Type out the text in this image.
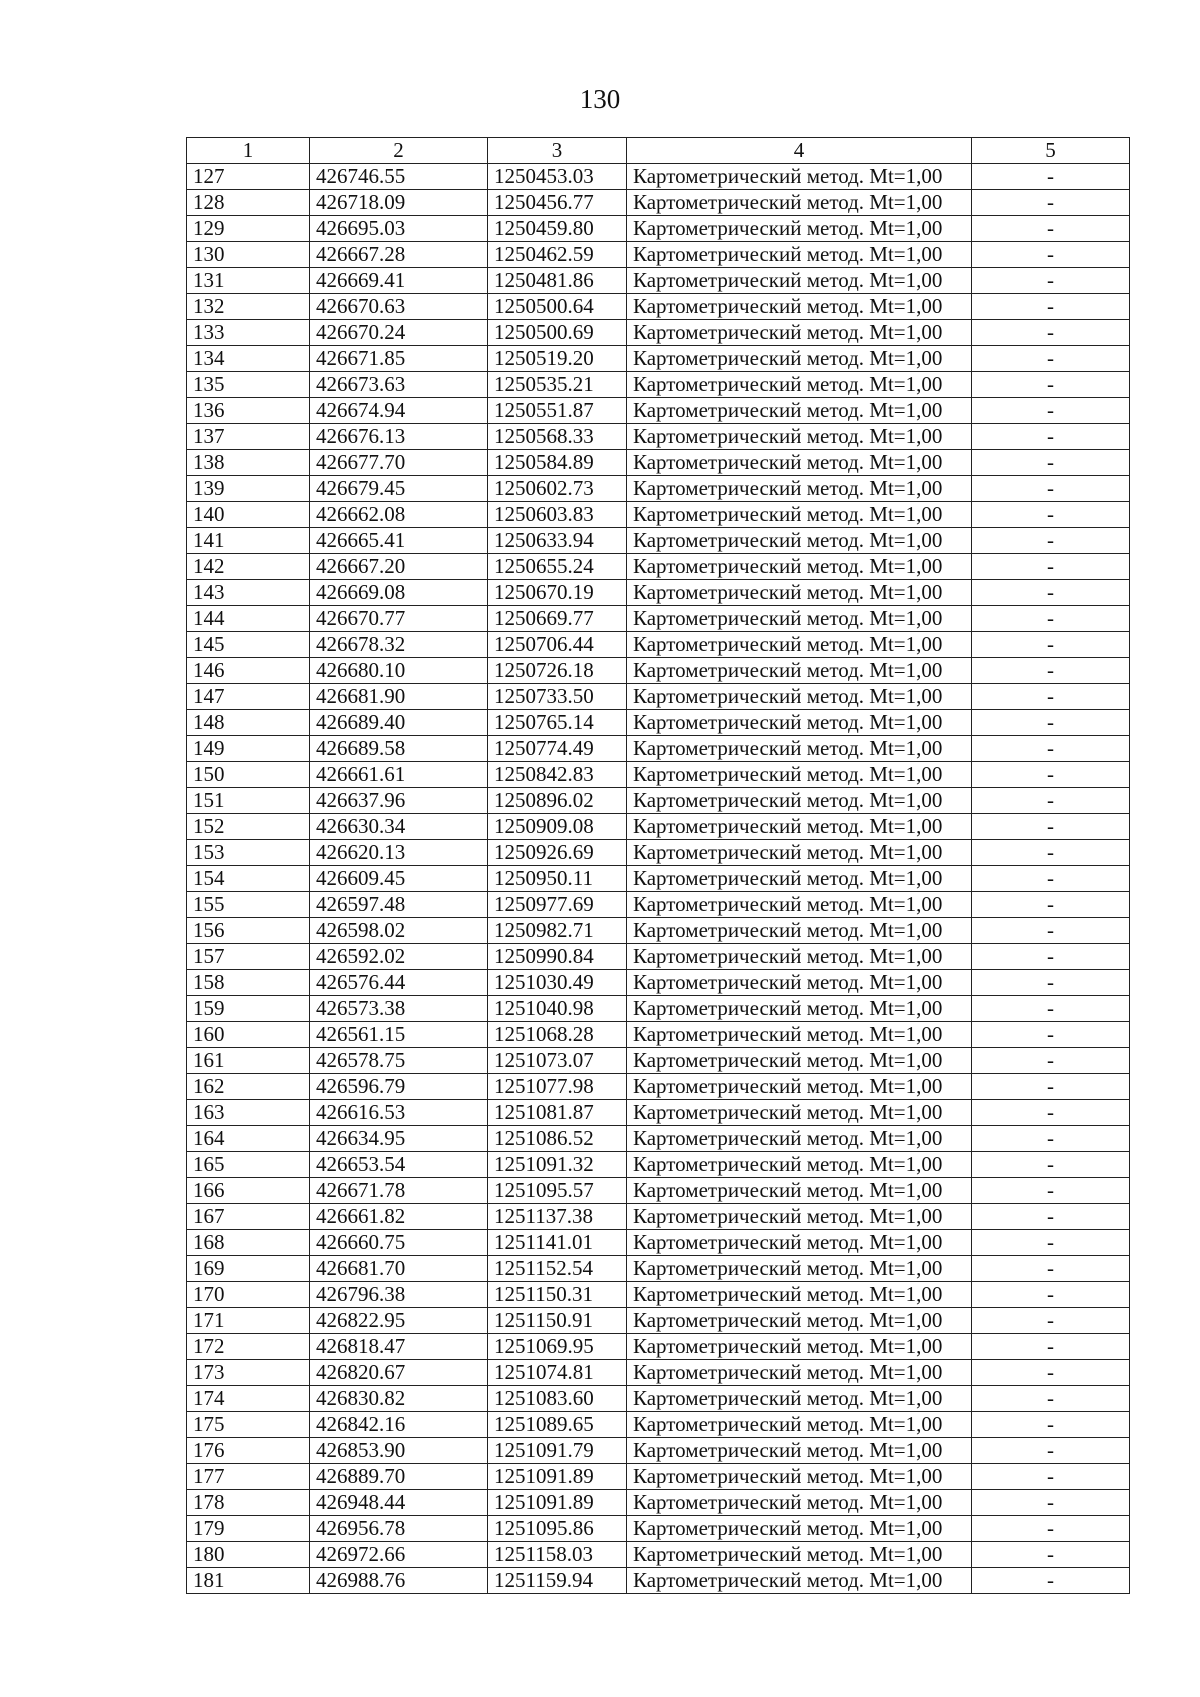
130
1	2	3	4	5
127	426746.55	1250453.03	Картометрический метод. Mt=1,00	-
128	426718.09	1250456.77	Картометрический метод. Mt=1,00	-
129	426695.03	1250459.80	Картометрический метод. Mt=1,00	-
130	426667.28	1250462.59	Картометрический метод. Mt=1,00	-
131	426669.41	1250481.86	Картометрический метод. Mt=1,00	-
132	426670.63	1250500.64	Картометрический метод. Mt=1,00	-
133	426670.24	1250500.69	Картометрический метод. Mt=1,00	-
134	426671.85	1250519.20	Картометрический метод. Mt=1,00	-
135	426673.63	1250535.21	Картометрический метод. Mt=1,00	-
136	426674.94	1250551.87	Картометрический метод. Mt=1,00	-
137	426676.13	1250568.33	Картометрический метод. Mt=1,00	-
138	426677.70	1250584.89	Картометрический метод. Mt=1,00	-
139	426679.45	1250602.73	Картометрический метод. Mt=1,00	-
140	426662.08	1250603.83	Картометрический метод. Mt=1,00	-
141	426665.41	1250633.94	Картометрический метод. Mt=1,00	-
142	426667.20	1250655.24	Картометрический метод. Mt=1,00	-
143	426669.08	1250670.19	Картометрический метод. Mt=1,00	-
144	426670.77	1250669.77	Картометрический метод. Mt=1,00	-
145	426678.32	1250706.44	Картометрический метод. Mt=1,00	-
146	426680.10	1250726.18	Картометрический метод. Mt=1,00	-
147	426681.90	1250733.50	Картометрический метод. Mt=1,00	-
148	426689.40	1250765.14	Картометрический метод. Mt=1,00	-
149	426689.58	1250774.49	Картометрический метод. Mt=1,00	-
150	426661.61	1250842.83	Картометрический метод. Mt=1,00	-
151	426637.96	1250896.02	Картометрический метод. Mt=1,00	-
152	426630.34	1250909.08	Картометрический метод. Mt=1,00	-
153	426620.13	1250926.69	Картометрический метод. Mt=1,00	-
154	426609.45	1250950.11	Картометрический метод. Mt=1,00	-
155	426597.48	1250977.69	Картометрический метод. Mt=1,00	-
156	426598.02	1250982.71	Картометрический метод. Mt=1,00	-
157	426592.02	1250990.84	Картометрический метод. Mt=1,00	-
158	426576.44	1251030.49	Картометрический метод. Mt=1,00	-
159	426573.38	1251040.98	Картометрический метод. Mt=1,00	-
160	426561.15	1251068.28	Картометрический метод. Mt=1,00	-
161	426578.75	1251073.07	Картометрический метод. Mt=1,00	-
162	426596.79	1251077.98	Картометрический метод. Mt=1,00	-
163	426616.53	1251081.87	Картометрический метод. Mt=1,00	-
164	426634.95	1251086.52	Картометрический метод. Mt=1,00	-
165	426653.54	1251091.32	Картометрический метод. Mt=1,00	-
166	426671.78	1251095.57	Картометрический метод. Mt=1,00	-
167	426661.82	1251137.38	Картометрический метод. Mt=1,00	-
168	426660.75	1251141.01	Картометрический метод. Mt=1,00	-
169	426681.70	1251152.54	Картометрический метод. Mt=1,00	-
170	426796.38	1251150.31	Картометрический метод. Mt=1,00	-
171	426822.95	1251150.91	Картометрический метод. Mt=1,00	-
172	426818.47	1251069.95	Картометрический метод. Mt=1,00	-
173	426820.67	1251074.81	Картометрический метод. Mt=1,00	-
174	426830.82	1251083.60	Картометрический метод. Mt=1,00	-
175	426842.16	1251089.65	Картометрический метод. Mt=1,00	-
176	426853.90	1251091.79	Картометрический метод. Mt=1,00	-
177	426889.70	1251091.89	Картометрический метод. Mt=1,00	-
178	426948.44	1251091.89	Картометрический метод. Mt=1,00	-
179	426956.78	1251095.86	Картометрический метод. Mt=1,00	-
180	426972.66	1251158.03	Картометрический метод. Mt=1,00	-
181	426988.76	1251159.94	Картометрический метод. Mt=1,00	-
